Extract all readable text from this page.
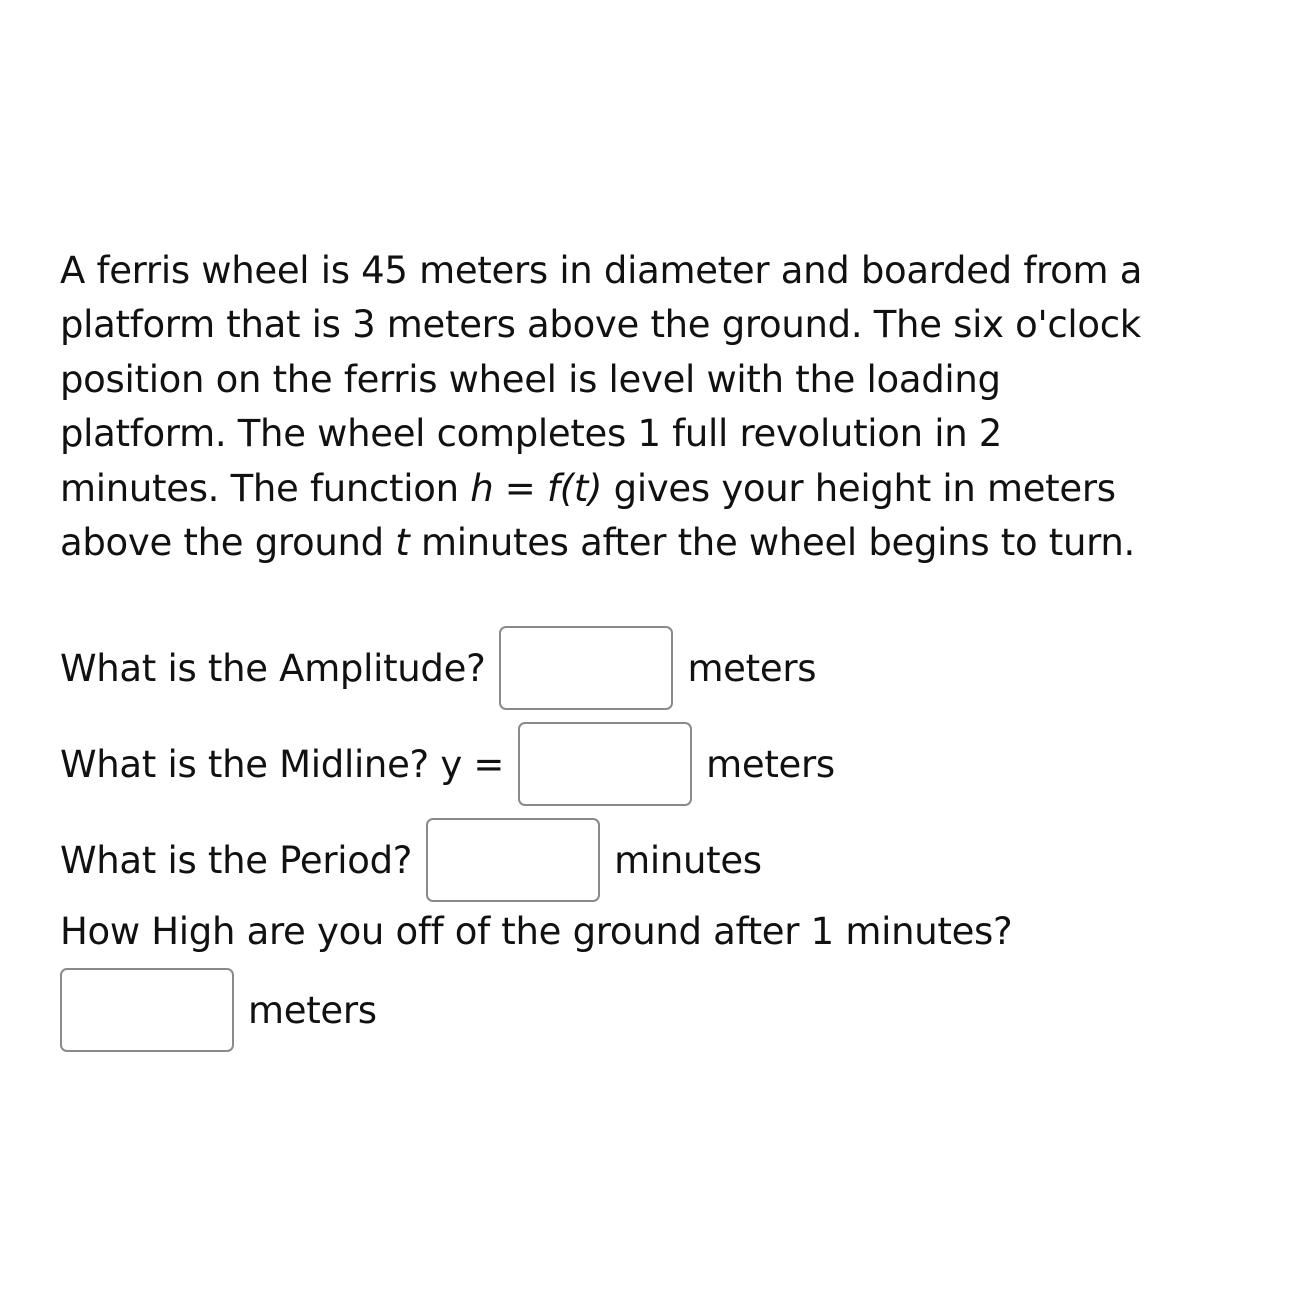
A ferris wheel is 45 meters in diameter and boarded from a
platform that is 3 meters above the ground. The six o'clock
position on the ferris wheel is level with the loading
platform. The wheel completes 1 full revolution in 2
minutes. The function h = f(t) gives your height in meters
above the ground t minutes after the wheel begins to turn.
What is the Amplitude?	meters
What is the Midline? y =	meters
What is the Period?	minutes
How High are you off of the ground after 1 minutes?
meters
